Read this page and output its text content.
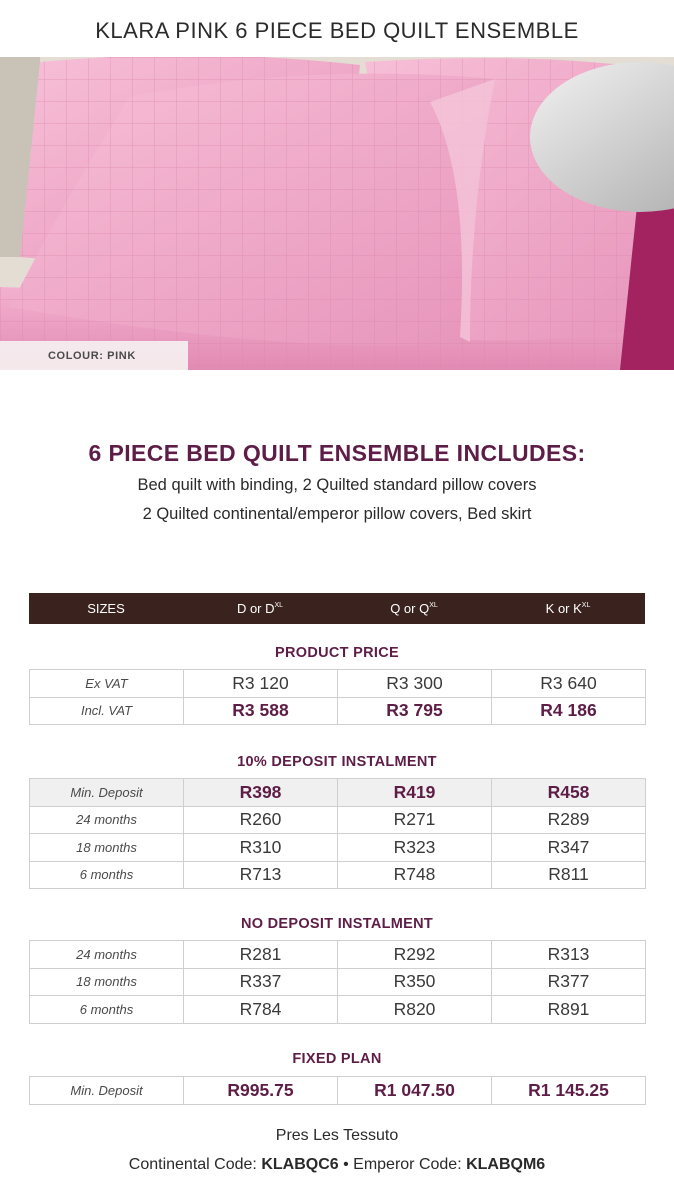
KLARA PINK 6 PIECE BED QUILT ENSEMBLE
COLOUR: PINK
6 PIECE BED QUILT ENSEMBLE INCLUDES:
Bed quilt with binding, 2 Quilted standard pillow covers
2 Quilted continental/emperor pillow covers, Bed skirt
SIZES	D or $D^{XL}$	Q or $Q^{XL}$	K or $K^{XL}$
PRODUCT PRICE
Ex VAT	R3 120	R3 300	R3 640
Incl. VAT	R3 588	R3 795	R4 186
10% DEPOSIT INSTALMENT
Min. Deposit	R398	R419	R458
24 months	R260	R271	R289
18 months	R310	R323	R347
6 months	R713	R748	R811
NO DEPOSIT INSTALMENT
24 months	R281	R292	R313
18 months	R337	R350	R377
6 months	R784	R820	R891
FIXED PLAN
Min. Deposit	R995.75	R1 047.50	R1 145.25
Pres Les Tessuto
Continental Code: KLABQC6 • Emperor Code: KLABQM6
